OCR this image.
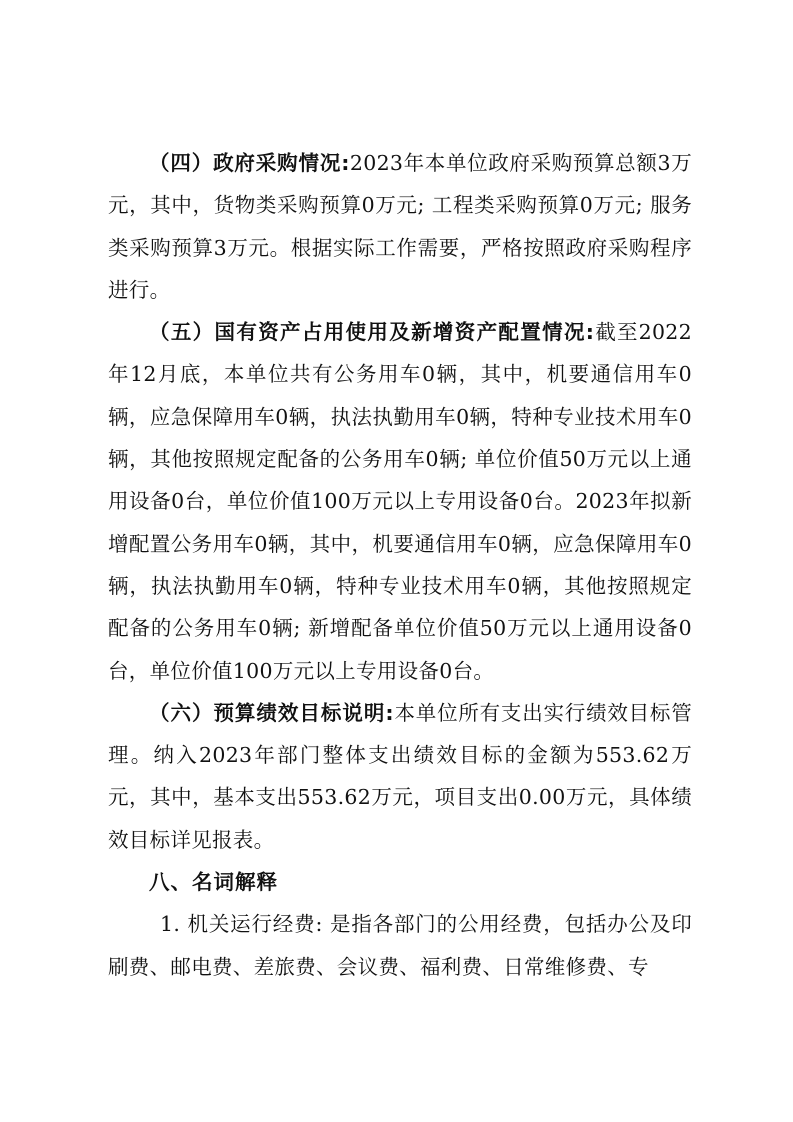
（四）政府采购情况:2023年本单位政府采购预算总额3万元，其中，货物类采购预算0万元; 工程类采购预算0万元; 服务类采购预算3万元。根据实际工作需要，严格按照政府采购程序进行。

（五）国有资产占用使用及新增资产配置情况:截至2022年12月底，本单位共有公务用车0辆，其中，机要通信用车0辆，应急保障用车0辆，执法执勤用车0辆，特种专业技术用车0辆，其他按照规定配备的公务用车0辆; 单位价值50万元以上通用设备0台，单位价值100万元以上专用设备0台。2023年拟新增配置公务用车0辆，其中，机要通信用车0辆，应急保障用车0辆，执法执勤用车0辆，特种专业技术用车0辆，其他按照规定配备的公务用车0辆; 新增配备单位价值50万元以上通用设备0台，单位价值100万元以上专用设备0台。

（六）预算绩效目标说明:本单位所有支出实行绩效目标管理。纳入2023年部门整体支出绩效目标的金额为553.62万元，其中，基本支出553.62万元，项目支出0.00万元，具体绩效目标详见报表。

八、名词解释

1. 机关运行经费: 是指各部门的公用经费，包括办公及印刷费、邮电费、差旅费、会议费、福利费、日常维修费、专
